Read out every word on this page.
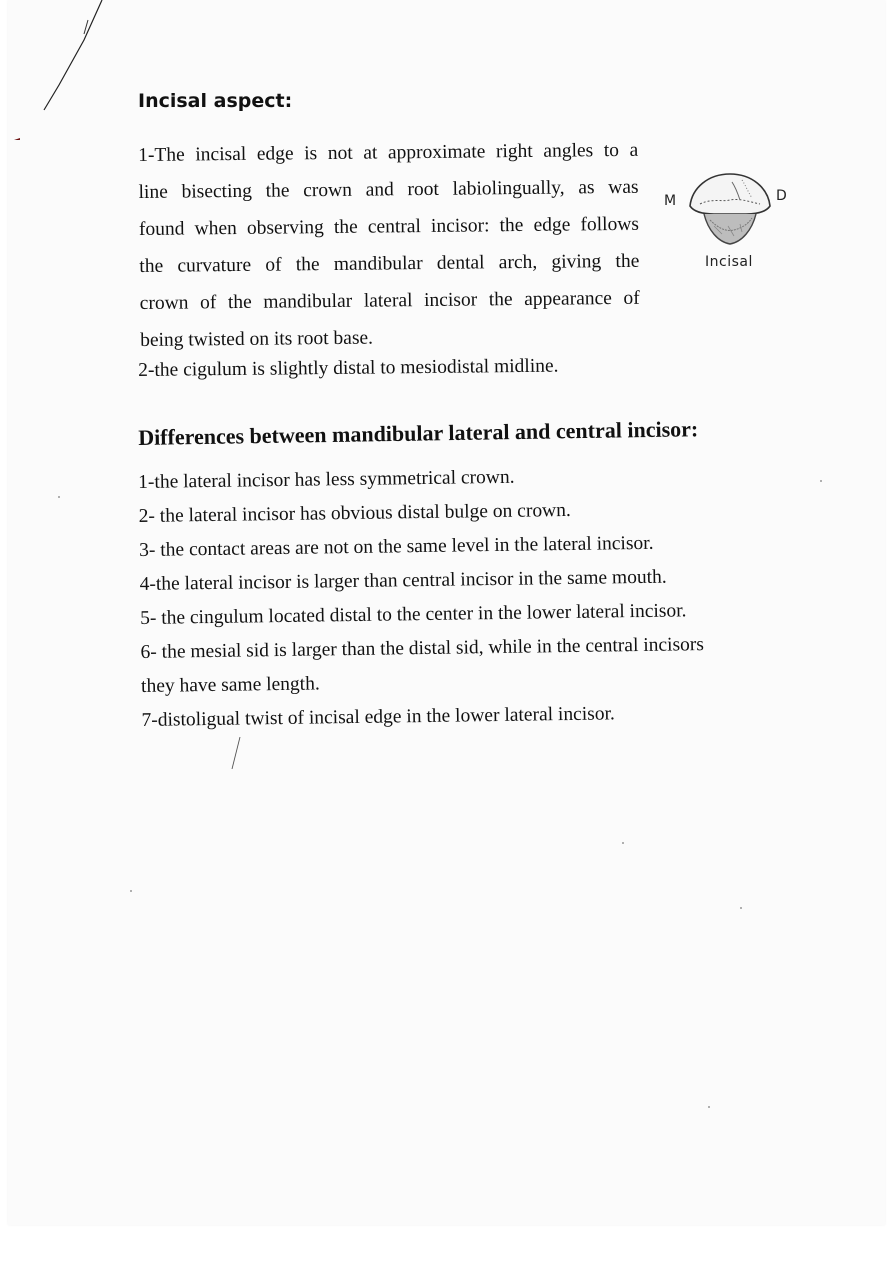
Incisal aspect:
1-The incisal edge is not at approximate right angles to a
line bisecting the crown and root labiolingually, as was
found when observing the central incisor: the edge follows
the curvature of the mandibular dental arch, giving the
crown of the mandibular lateral incisor the appearance of
being twisted on its root base.

2-the cigulum is slightly distal to mesiodistal midline.

M	D
Incisal
Differences between mandibular lateral and central incisor:
1-the lateral incisor has less symmetrical crown.
2- the lateral incisor has obvious distal bulge on crown.
3- the contact areas are not on the same level in the lateral incisor.
4-the lateral incisor is larger than central incisor in the same mouth.
5- the cingulum located distal to the center in the lower lateral incisor.
6- the mesial sid is larger than the distal sid, while in the central incisors
they have same length.
7-distoligual twist of incisal edge in the lower lateral incisor.
